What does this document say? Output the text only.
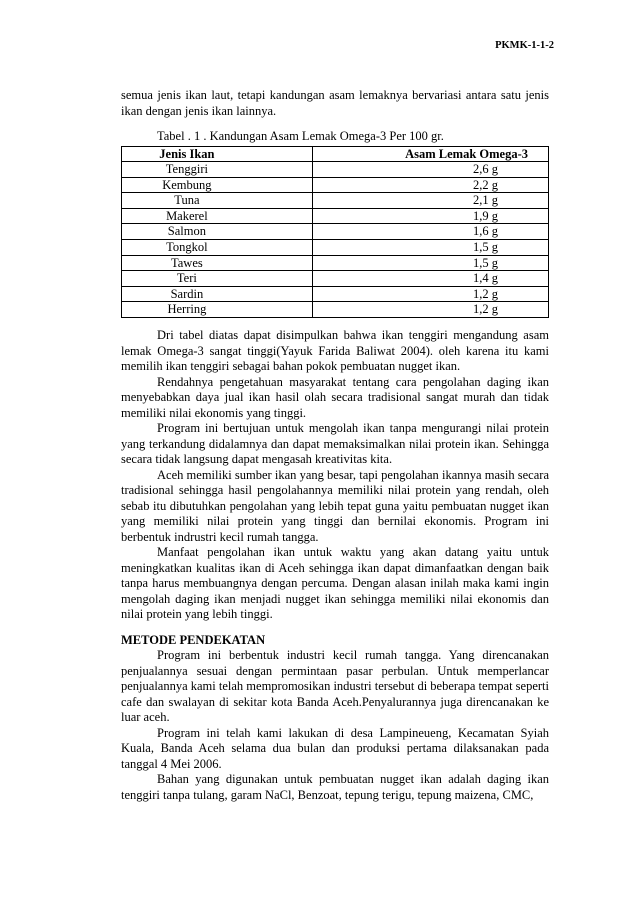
PKMK-1-1-2

semua jenis ikan laut, tetapi kandungan asam lemaknya bervariasi antara satu jenis ikan dengan jenis ikan lainnya.

Tabel . 1 . Kandungan Asam Lemak Omega-3 Per 100 gr.
Jenis Ikan	Asam Lemak Omega-3
Tenggiri	2,6 g
Kembung	2,2 g
Tuna	2,1 g
Makerel	1,9 g
Salmon	1,6 g
Tongkol	1,5 g
Tawes	1,5 g
Teri	1,4 g
Sardin	1,2 g
Herring	1,2 g

Dri tabel diatas dapat disimpulkan bahwa ikan tenggiri mengandung asam lemak Omega-3 sangat tinggi(Yayuk Farida Baliwat 2004). oleh karena itu kami memilih ikan tenggiri sebagai bahan pokok pembuatan nugget ikan.

Rendahnya pengetahuan masyarakat tentang cara pengolahan daging ikan menyebabkan daya jual ikan hasil olah secara tradisional sangat murah dan tidak memiliki nilai ekonomis yang tinggi.

Program ini bertujuan untuk mengolah ikan tanpa mengurangi nilai protein yang terkandung didalamnya dan dapat memaksimalkan nilai protein ikan. Sehingga secara tidak langsung dapat mengasah kreativitas kita.

Aceh memiliki sumber ikan yang besar, tapi pengolahan ikannya masih secara tradisional sehingga hasil pengolahannya memiliki nilai protein yang rendah, oleh sebab itu dibutuhkan pengolahan yang lebih tepat guna yaitu pembuatan nugget ikan yang memiliki nilai protein yang tinggi dan bernilai ekonomis. Program ini berbentuk indrustri kecil rumah tangga.

Manfaat pengolahan ikan untuk waktu yang akan datang yaitu untuk meningkatkan kualitas ikan di Aceh sehingga ikan dapat dimanfaatkan dengan baik tanpa harus membuangnya dengan percuma. Dengan alasan inilah maka kami ingin mengolah daging ikan menjadi nugget ikan sehingga memiliki nilai ekonomis dan nilai protein yang lebih tinggi.

METODE PENDEKATAN

Program ini berbentuk industri kecil rumah tangga. Yang direncanakan penjualannya sesuai dengan permintaan pasar perbulan. Untuk memperlancar penjualannya kami telah mempromosikan industri tersebut di beberapa tempat seperti cafe dan swalayan di sekitar kota Banda Aceh.Penyalurannya juga direncanakan ke luar aceh.

Program ini telah kami lakukan di desa Lampineueng, Kecamatan Syiah Kuala, Banda Aceh selama dua bulan dan produksi pertama dilaksanakan pada tanggal 4 Mei 2006.

Bahan yang digunakan untuk pembuatan nugget ikan adalah daging ikan tenggiri tanpa tulang, garam NaCl, Benzoat, tepung terigu, tepung maizena, CMC,
